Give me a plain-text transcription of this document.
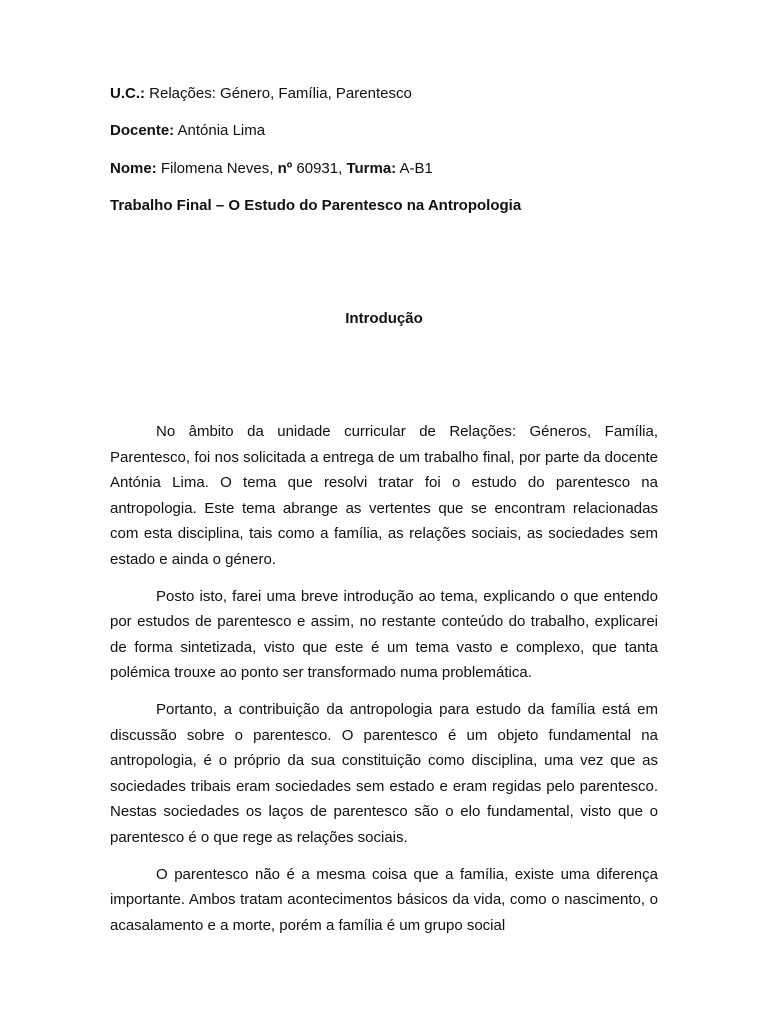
U.C.: Relações: Género, Família, Parentesco
Docente: Antónia Lima
Nome: Filomena Neves, nº 60931, Turma: A-B1
Trabalho Final – O Estudo do Parentesco na Antropologia
Introdução

No âmbito da unidade curricular de Relações: Géneros, Família, Parentesco, foi nos solicitada a entrega de um trabalho final, por parte da docente Antónia Lima. O tema que resolvi tratar foi o estudo do parentesco na antropologia. Este tema abrange as vertentes que se encontram relacionadas com esta disciplina, tais como a família, as relações sociais, as sociedades sem estado e ainda o género.

Posto isto, farei uma breve introdução ao tema, explicando o que entendo por estudos de parentesco e assim, no restante conteúdo do trabalho, explicarei de forma sintetizada, visto que este é um tema vasto e complexo, que tanta polémica trouxe ao ponto ser transformado numa problemática.

Portanto, a contribuição da antropologia para estudo da família está em discussão sobre o parentesco. O parentesco é um objeto fundamental na antropologia, é o próprio da sua constituição como disciplina, uma vez que as sociedades tribais eram sociedades sem estado e eram regidas pelo parentesco. Nestas sociedades os laços de parentesco são o elo fundamental, visto que o parentesco é o que rege as relações sociais.

O parentesco não é a mesma coisa que a família, existe uma diferença importante. Ambos tratam acontecimentos básicos da vida, como o nascimento, o acasalamento e a morte, porém a família é um grupo social
